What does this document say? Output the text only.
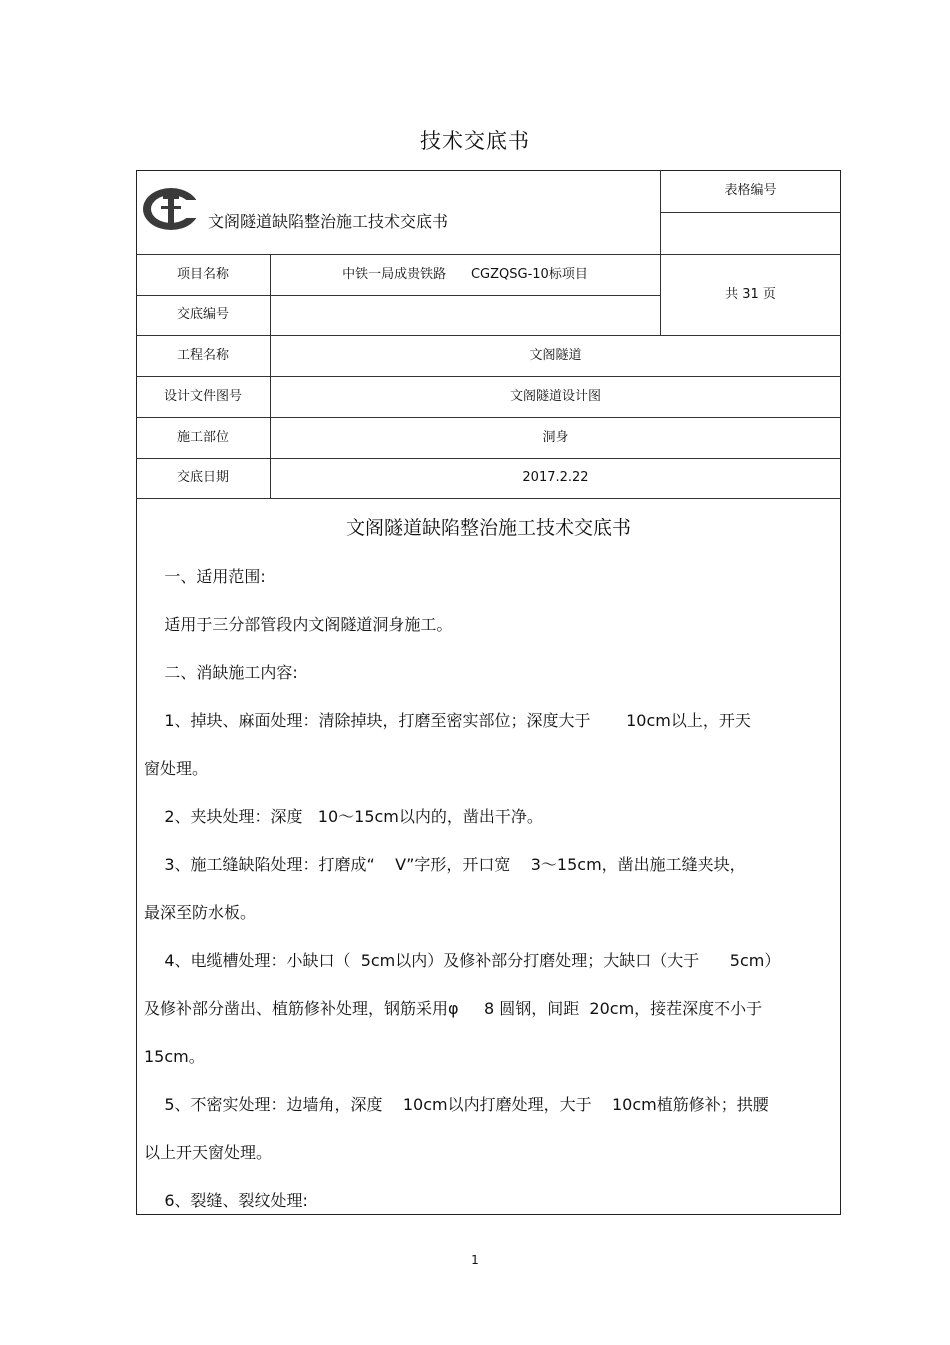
技术交底书
文阁隧道缺陷整治施工技术交底书
表格编号
共 31 页
项目名称	中铁一局成贵铁路      CGZQSG-10标项目
交底编号
工程名称	文阁隧道
设计文件图号	文阁隧道设计图
施工部位	洞身
交底日期	2017.2.22
文阁隧道缺陷整治施工技术交底书
一、适用范围:
适用于三分部管段内文阁隧道洞身施工。
二、消缺施工内容:
1、掉块、麻面处理：清除掉块，打磨至密实部位；深度大于       10cm以上，开天
窗处理。
2、夹块处理：深度   10～15cm以内的，凿出干净。
3、施工缝缺陷处理：打磨成“    V”字形，开口宽    3～15cm，凿出施工缝夹块，
最深至防水板。
4、电缆槽处理：小缺口（  5cm以内）及修补部分打磨处理；大缺口（大于      5cm）
及修补部分凿出、植筋修补处理，钢筋采用φ     8 圆钢，间距  20cm，接茬深度不小于
15cm。
5、不密实处理：边墙角，深度    10cm以内打磨处理，大于    10cm植筋修补；拱腰
以上开天窗处理。
6、裂缝、裂纹处理:
1
